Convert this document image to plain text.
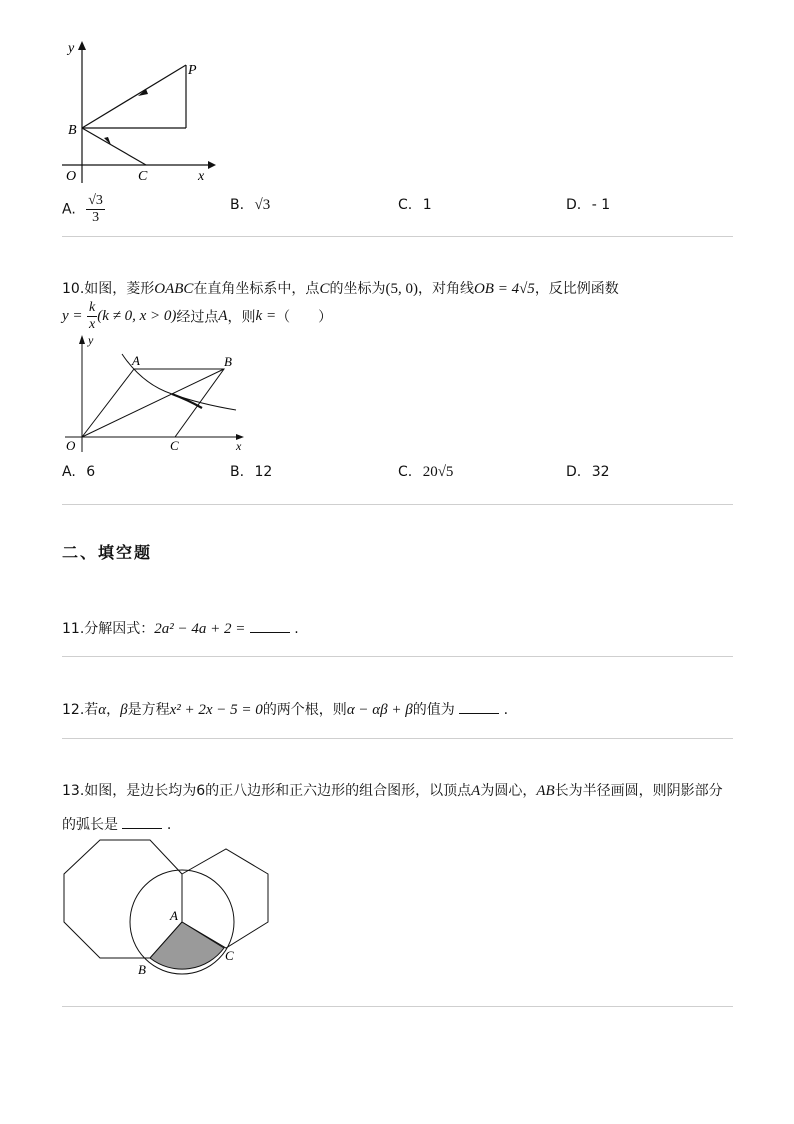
y
P
B
O	C	x
A. $\frac{√3}{3}$	B. √3	C. 1	D. - 1
10.如图，菱形OABC在直角坐标系中，点C的坐标为(5, 0)，对角线OB = 4√5，反比例函数
$y = \frac{k}{x} (k \ne 0$, x > 0)经过点A，则k =（　　）
y
A	B
O	C	x
A. 6	B. 12	C. 20√5	D. 32
二、填空题
11.分解因式：2a² − 4a + 2 =	.
12.若α，β是方程x² + 2x − 5 = 0的两个根，则α − αβ + β的值为	.
13.如图，是边长均为6的正八边形和正六边形的组合图形，以顶点A为圆心，AB长为半径画圆，则阴影部分
的弧长是	.
A
B
C
